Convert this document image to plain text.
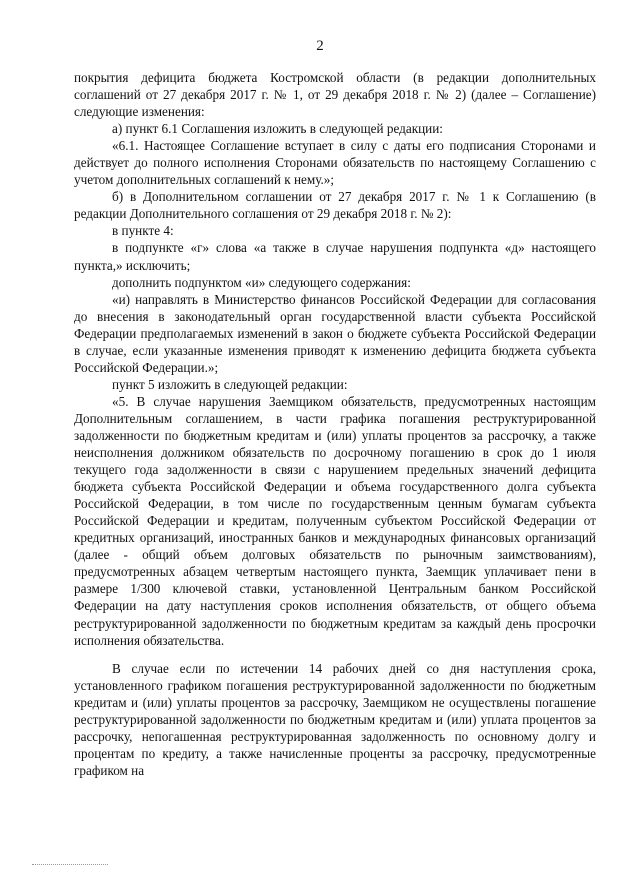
2

покрытия дефицита бюджета Костромской области (в редакции дополнительных соглашений от 27 декабря 2017 г. № 1, от 29 декабря 2018 г. № 2) (далее – Соглашение) следующие изменения:

а) пункт 6.1 Соглашения изложить в следующей редакции:

«6.1. Настоящее Соглашение вступает в силу с даты его подписания Сторонами и действует до полного исполнения Сторонами обязательств по настоящему Соглашению с учетом дополнительных соглашений к нему.»;

б) в Дополнительном соглашении от 27 декабря 2017 г. № 1 к Соглашению (в редакции Дополнительного соглашения от 29 декабря 2018 г. № 2):

в пункте 4:

в подпункте «г» слова «а также в случае нарушения подпункта «д» настоящего пункта,» исключить;

дополнить подпунктом «и» следующего содержания:

«и) направлять в Министерство финансов Российской Федерации для согласования до внесения в законодательный орган государственной власти субъекта Российской Федерации предполагаемых изменений в закон о бюджете субъекта Российской Федерации в случае, если указанные изменения приводят к изменению дефицита бюджета субъекта Российской Федерации.»;

пункт 5 изложить в следующей редакции:

«5. В случае нарушения Заемщиком обязательств, предусмотренных настоящим Дополнительным соглашением, в части графика погашения реструктурированной задолженности по бюджетным кредитам и (или) уплаты процентов за рассрочку, а также неисполнения должником обязательств по досрочному погашению в срок до 1 июля текущего года задолженности в связи с нарушением предельных значений дефицита бюджета субъекта Российской Федерации и объема государственного долга субъекта Российской Федерации, в том числе по государственным ценным бумагам субъекта Российской Федерации и кредитам, полученным субъектом Российской Федерации от кредитных организаций, иностранных банков и международных финансовых организаций (далее - общий объем долговых обязательств по рыночным заимствованиям), предусмотренных абзацем четвертым настоящего пункта, Заемщик уплачивает пени в размере 1/300 ключевой ставки, установленной Центральным банком Российской Федерации на дату наступления сроков исполнения обязательств, от общего объема реструктурированной задолженности по бюджетным кредитам за каждый день просрочки исполнения обязательства.

В случае если по истечении 14 рабочих дней со дня наступления срока, установленного графиком погашения реструктурированной задолженности по бюджетным кредитам и (или) уплаты процентов за рассрочку, Заемщиком не осуществлены погашение реструктурированной задолженности по бюджетным кредитам и (или) уплата процентов за рассрочку, непогашенная реструктурированная задолженность по основному долгу и процентам по кредиту, а также начисленные проценты за рассрочку, предусмотренные графиком на
